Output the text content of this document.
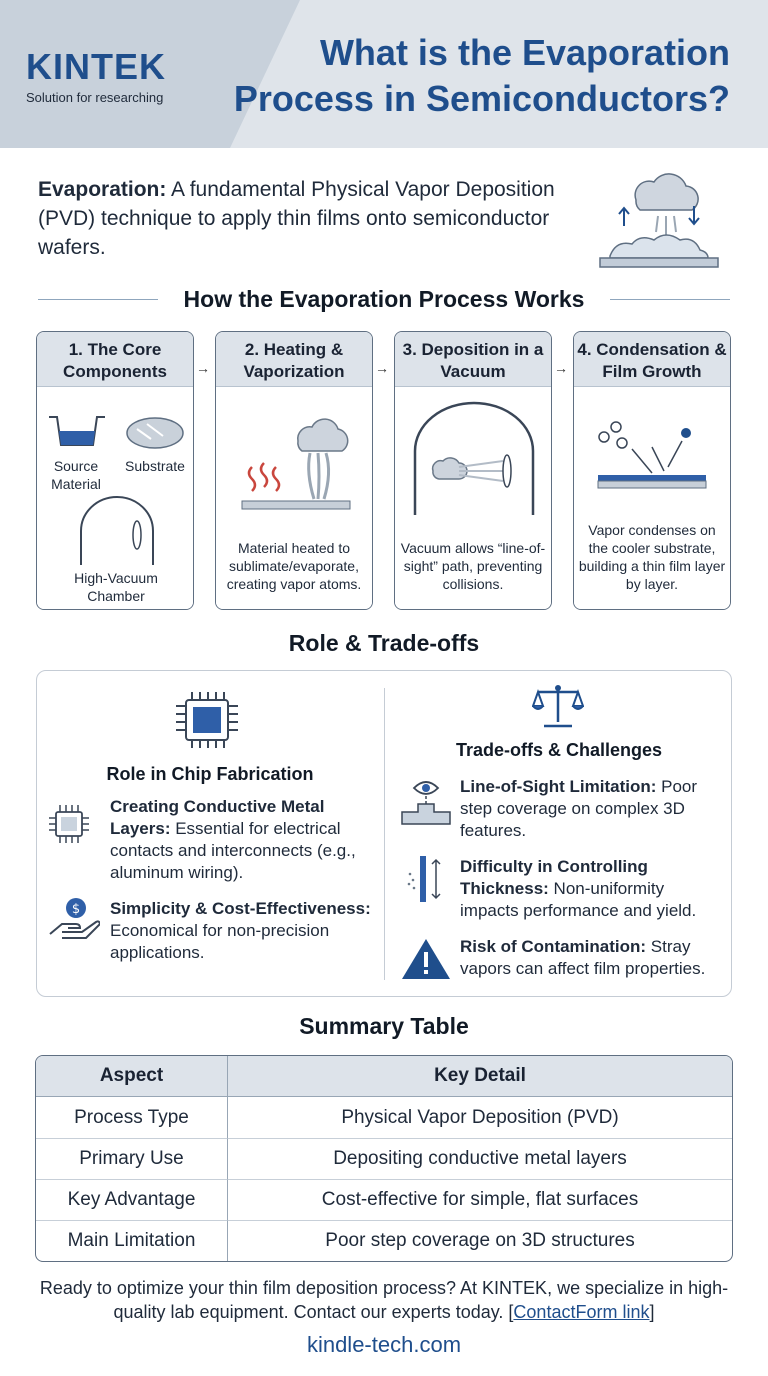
KINTEK
Solution for researching
What is the Evaporation Process in Semiconductors?
Evaporation: A fundamental Physical Vapor Deposition (PVD) technique to apply thin films onto semiconductor wafers.
How the Evaporation Process Works
1. The Core Components
Source Material
Substrate
High-Vacuum Chamber
→
2. Heating & Vaporization
Material heated to sublimate/evaporate, creating vapor atoms.
→
3. Deposition in a Vacuum
Vacuum allows “line-of-sight” path, preventing collisions.
→
4. Condensation & Film Growth
Vapor condenses on the cooler substrate, building a thin film layer by layer.
Role & Trade-offs
Role in Chip Fabrication
Creating Conductive Metal Layers: Essential for electrical contacts and interconnects (e.g., aluminum wiring).
$ Simplicity & Cost-Effectiveness: Economical for non-precision applications.
Trade-offs & Challenges
Line-of-Sight Limitation: Poor step coverage on complex 3D features.
Difficulty in Controlling Thickness: Non-uniformity impacts performance and yield.
Risk of Contamination: Stray vapors can affect film properties.
Summary Table
Aspect	Key Detail
Process Type	Physical Vapor Deposition (PVD)
Primary Use	Depositing conductive metal layers
Key Advantage	Cost-effective for simple, flat surfaces
Main Limitation	Poor step coverage on 3D structures
Ready to optimize your thin film deposition process? At KINTEK, we specialize in high-quality lab equipment. Contact our experts today. [ContactForm link]
kindle-tech.com
